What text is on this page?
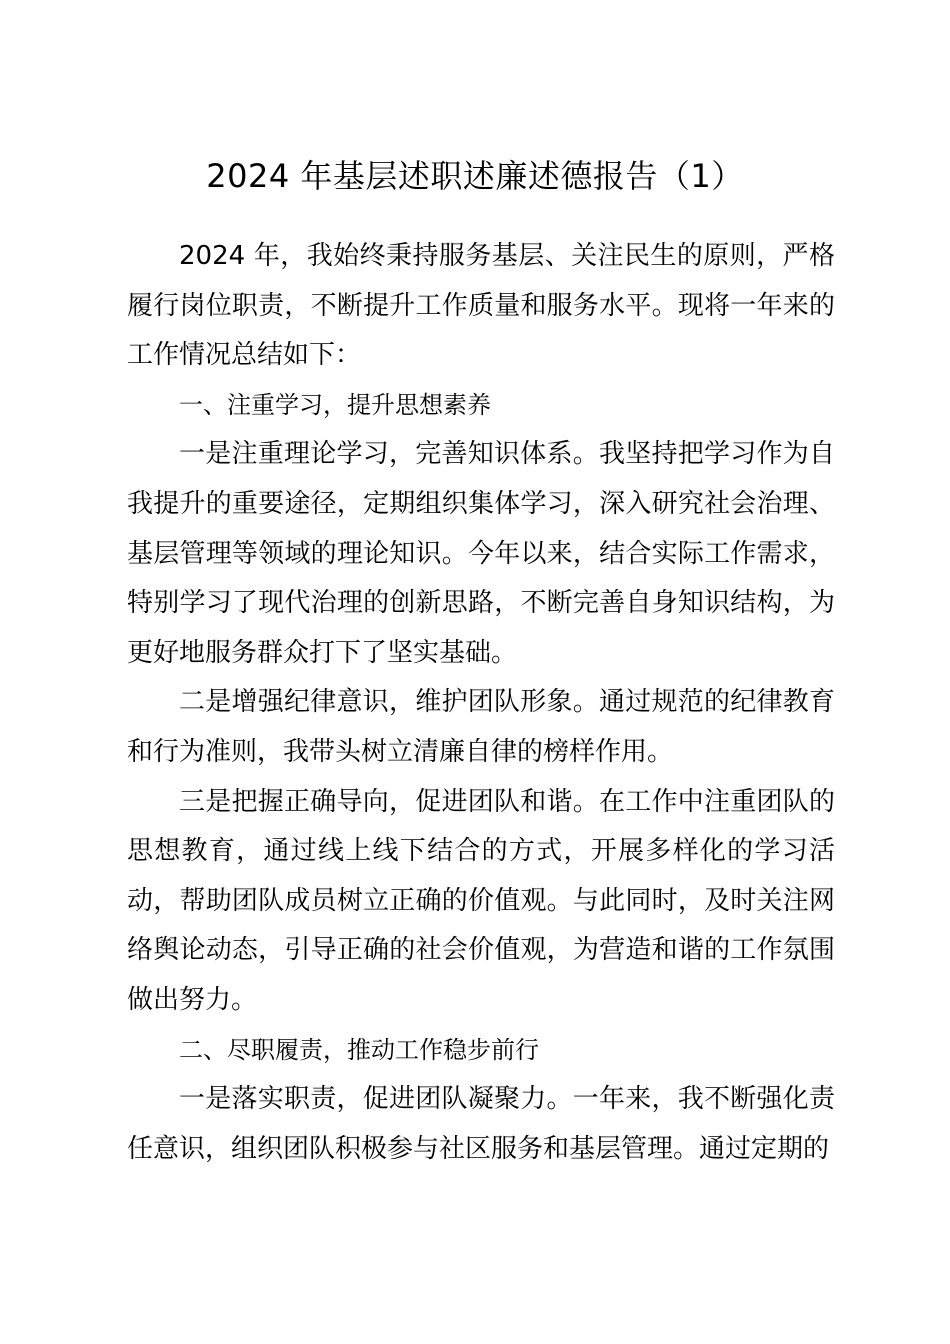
2024 年基层述职述廉述德报告（1）

2024 年，我始终秉持服务基层、关注民生的原则，严格履行岗位职责，不断提升工作质量和服务水平。现将一年来的工作情况总结如下：

一、注重学习，提升思想素养

一是注重理论学习，完善知识体系。我坚持把学习作为自我提升的重要途径，定期组织集体学习，深入研究社会治理、基层管理等领域的理论知识。今年以来，结合实际工作需求，特别学习了现代治理的创新思路，不断完善自身知识结构，为更好地服务群众打下了坚实基础。

二是增强纪律意识，维护团队形象。通过规范的纪律教育和行为准则，我带头树立清廉自律的榜样作用。

三是把握正确导向，促进团队和谐。在工作中注重团队的思想教育，通过线上线下结合的方式，开展多样化的学习活动，帮助团队成员树立正确的价值观。与此同时，及时关注网络舆论动态，引导正确的社会价值观，为营造和谐的工作氛围做出努力。

二、尽职履责，推动工作稳步前行

一是落实职责，促进团队凝聚力。一年来，我不断强化责任意识，组织团队积极参与社区服务和基层管理。通过定期的
